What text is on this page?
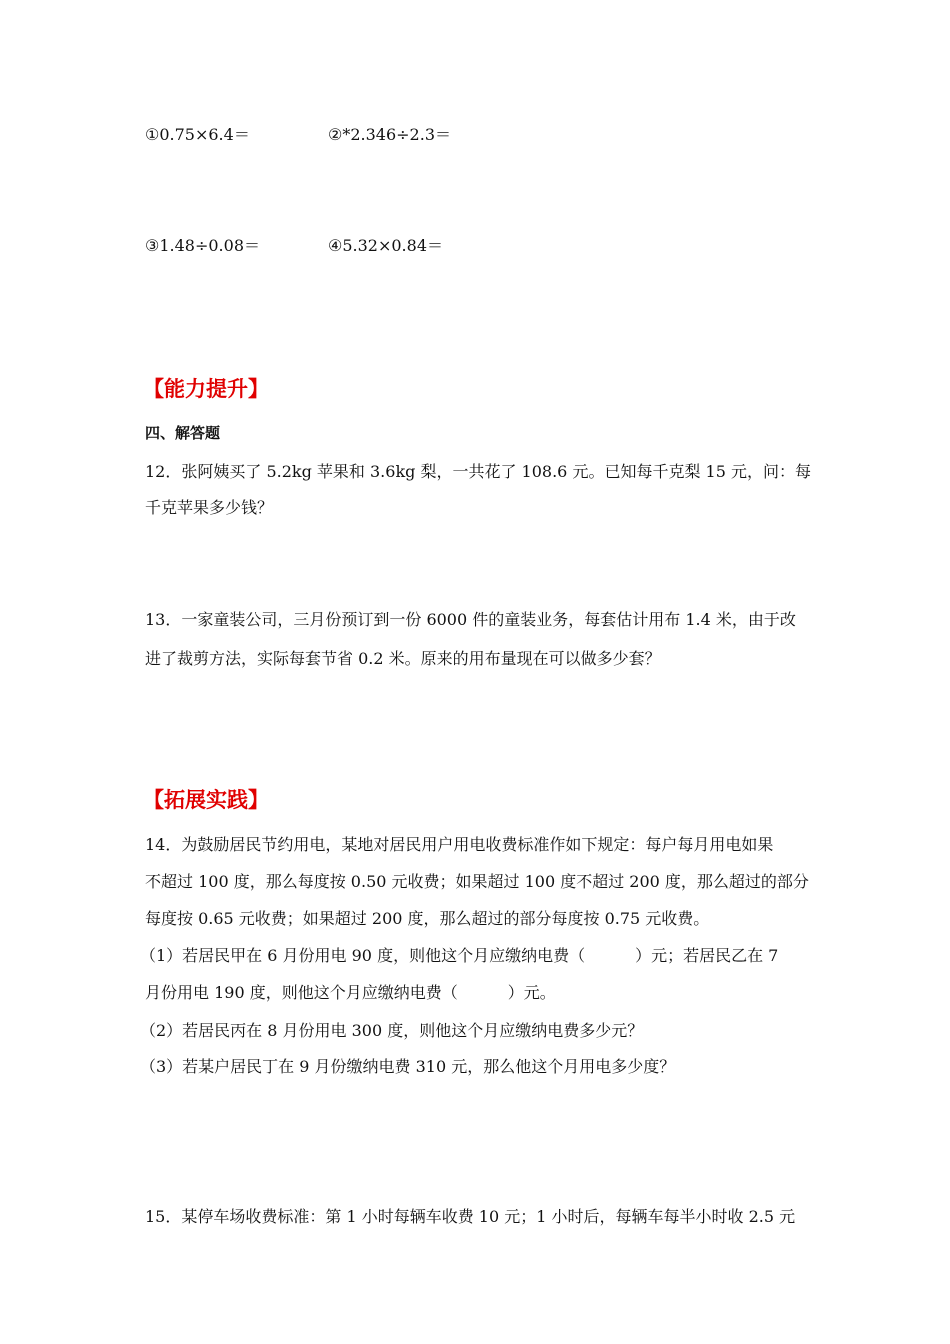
①0.75×6.4＝	②*2.346÷2.3＝
③1.48÷0.08＝	④5.32×0.84＝
【能力提升】
四、解答题
12．张阿姨买了 5.2kg 苹果和 3.6kg 梨，一共花了 108.6 元。已知每千克梨 15 元，问：每
千克苹果多少钱？
13．一家童装公司，三月份预订到一份 6000 件的童装业务，每套估计用布 1.4 米，由于改
进了裁剪方法，实际每套节省 0.2 米。原来的用布量现在可以做多少套？
【拓展实践】
14．为鼓励居民节约用电，某地对居民用户用电收费标准作如下规定：每户每月用电如果
不超过 100 度，那么每度按 0.50 元收费；如果超过 100 度不超过 200 度，那么超过的部分
每度按 0.65 元收费；如果超过 200 度，那么超过的部分每度按 0.75 元收费。
（1）若居民甲在 6 月份用电 90 度，则他这个月应缴纳电费（	）元；若居民乙在 7
月份用电 190 度，则他这个月应缴纳电费（	）元。
（2）若居民丙在 8 月份用电 300 度，则他这个月应缴纳电费多少元？
（3）若某户居民丁在 9 月份缴纳电费 310 元，那么他这个月用电多少度？
15．某停车场收费标准：第 1 小时每辆车收费 10 元；1 小时后，每辆车每半小时收 2.5 元
